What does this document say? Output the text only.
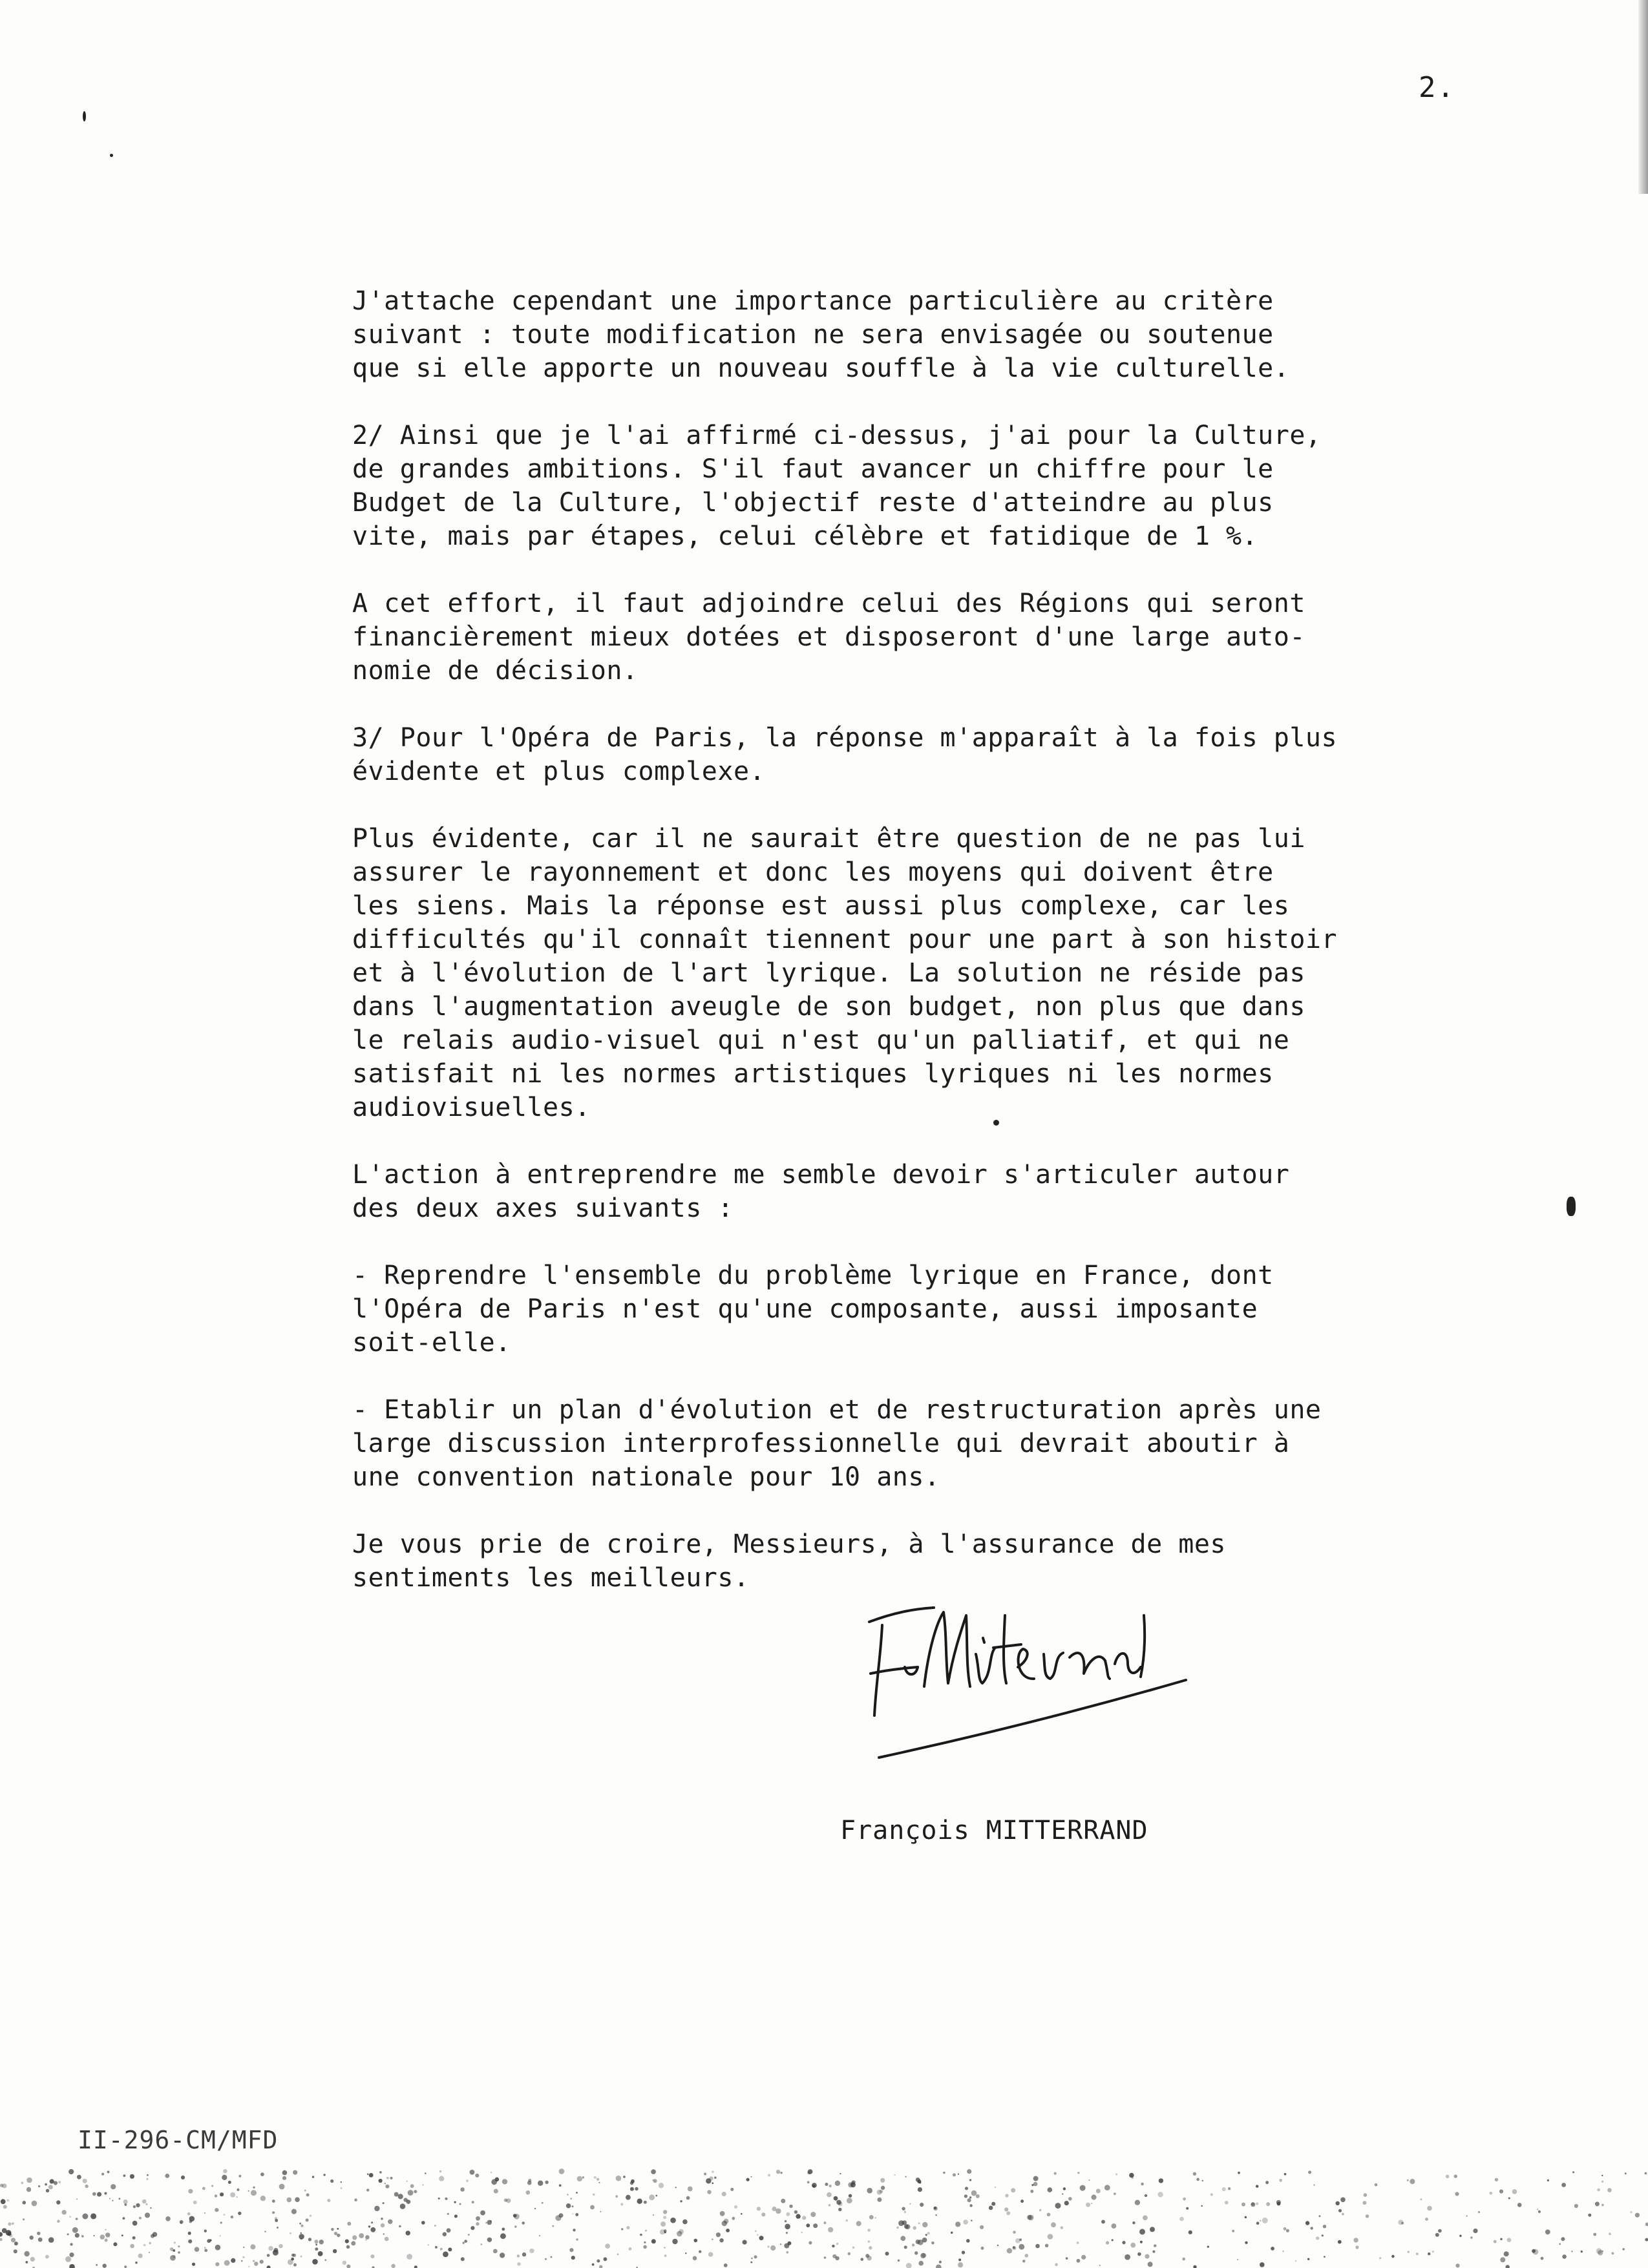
2.
J'attache cependant une importance particulière au critère
suivant : toute modification ne sera envisagée ou soutenue
que si elle apporte un nouveau souffle à la vie culturelle.
2/ Ainsi que je l'ai affirmé ci-dessus, j'ai pour la Culture,
de grandes ambitions. S'il faut avancer un chiffre pour le
Budget de la Culture, l'objectif reste d'atteindre au plus
vite, mais par étapes, celui célèbre et fatidique de 1 %.
A cet effort, il faut adjoindre celui des Régions qui seront
financièrement mieux dotées et disposeront d'une large auto-
nomie de décision.
3/ Pour l'Opéra de Paris, la réponse m'apparaît à la fois plus
évidente et plus complexe.
Plus évidente, car il ne saurait être question de ne pas lui
assurer le rayonnement et donc les moyens qui doivent être
les siens. Mais la réponse est aussi plus complexe, car les
difficultés qu'il connaît tiennent pour une part à son histoir
et à l'évolution de l'art lyrique. La solution ne réside pas
dans l'augmentation aveugle de son budget, non plus que dans
le relais audio-visuel qui n'est qu'un palliatif, et qui ne
satisfait ni les normes artistiques lyriques ni les normes
audiovisuelles.
L'action à entreprendre me semble devoir s'articuler autour
des deux axes suivants :
- Reprendre l'ensemble du problème lyrique en France, dont
l'Opéra de Paris n'est qu'une composante, aussi imposante
soit-elle.
- Etablir un plan d'évolution et de restructuration après une
large discussion interprofessionnelle qui devrait aboutir à
une convention nationale pour 10 ans.
Je vous prie de croire, Messieurs, à l'assurance de mes
sentiments les meilleurs.
François MITTERRAND
II-296-CM/MFD
